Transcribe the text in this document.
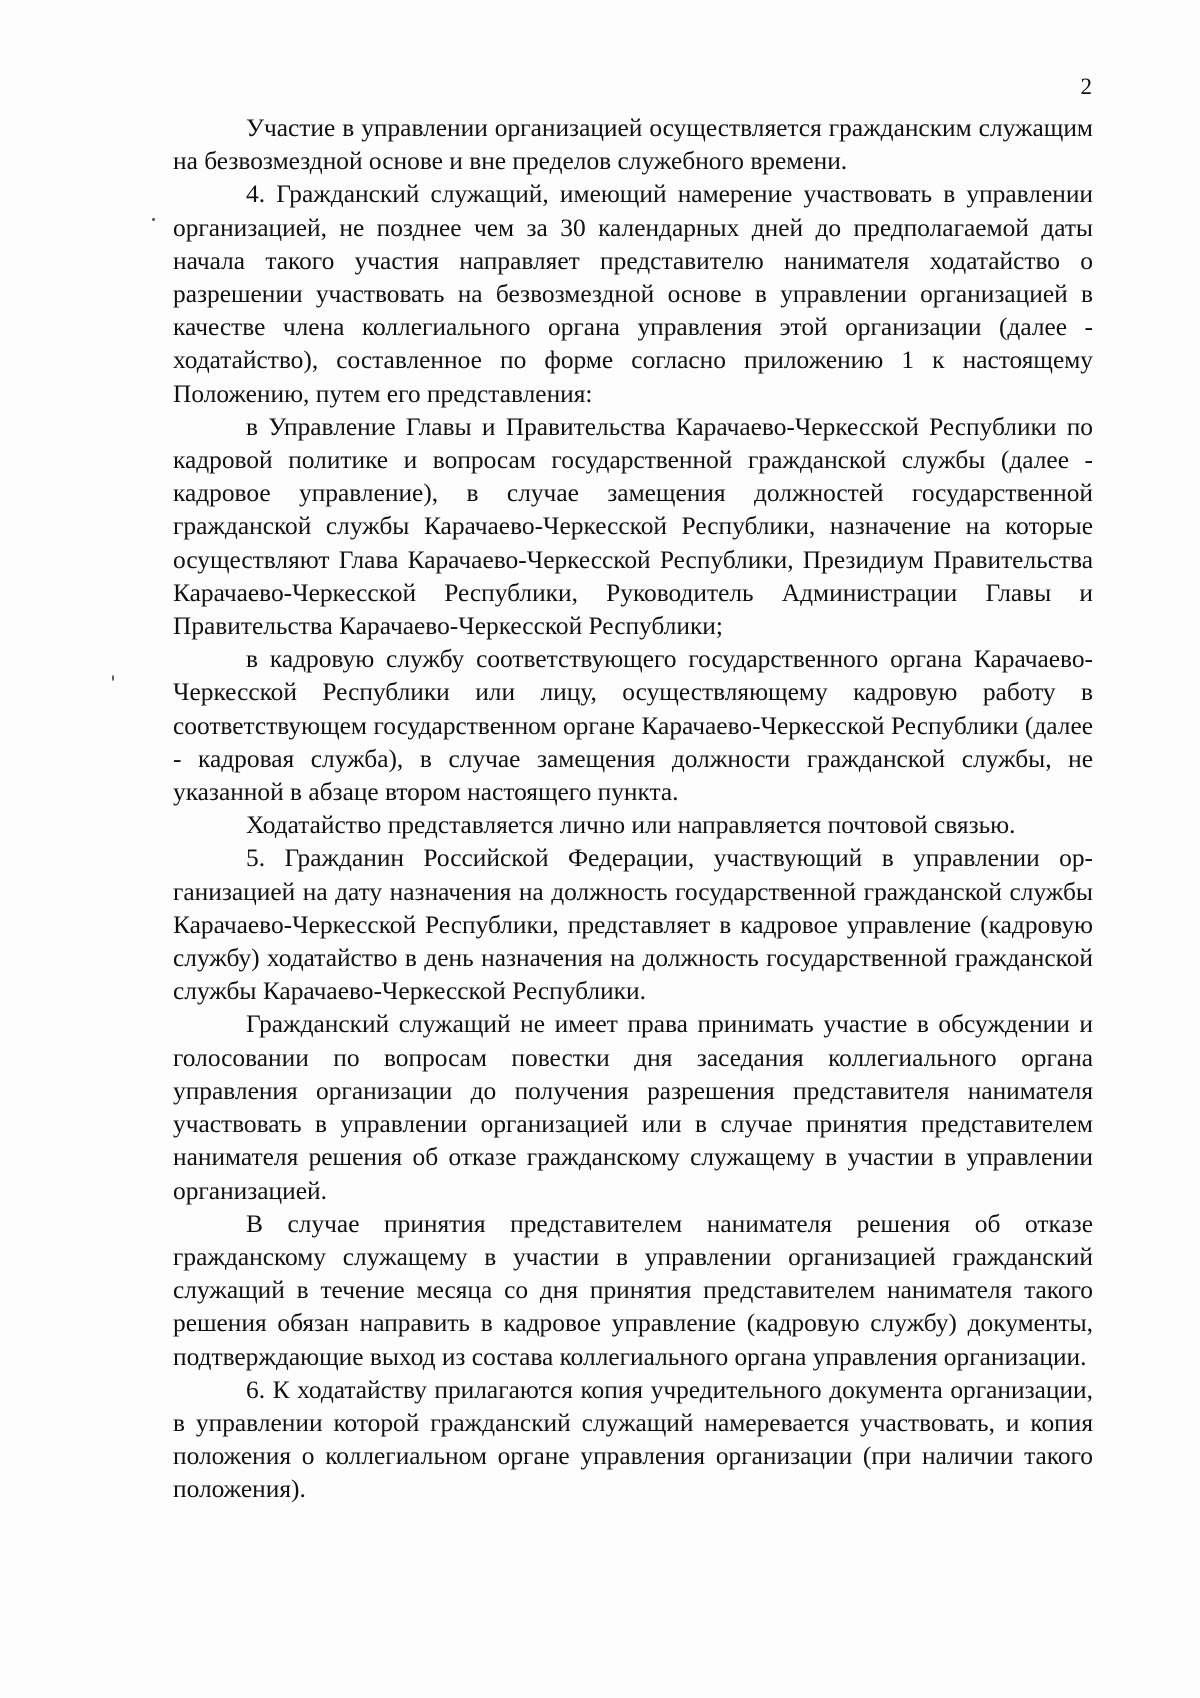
2

Участие в управлении организацией осуществляется гражданским служащим на безвозмездной основе и вне пределов служебного времени.

4. Гражданский служащий, имеющий намерение участвовать в управлении организацией, не позднее чем за 30 календарных дней до предполагаемой даты начала такого участия направляет представителю нанимателя ходатайство о разрешении участвовать на безвозмездной основе в управлении организацией в качестве члена коллегиального органа управления этой организации (далее - ходатайство), составленное по форме согласно приложению 1 к настоящему Положению, путем его представления:

в Управление Главы и Правительства Карачаево-Черкесской Республики по кадровой политике и вопросам государственной гражданской службы (далее - кадровое управление), в случае замещения должностей государственной гражданской службы Карачаево-Черкесской Республики, назначение на которые осуществляют Глава Карачаево-Черкесской Республики, Президиум Правительства Карачаево-Черкесской Республики, Руководитель Администрации Главы и Правительства Карачаево-Черкесской Республики;

в кадровую службу соответствующего государственного органа Карачаево-Черкесской Республики или лицу, осуществляющему кадровую работу в соответствующем государственном органе Карачаево-Черкесской Республики (далее - кадровая служба), в случае замещения должности гражданской службы, не указанной в абзаце втором настоящего пункта.

Ходатайство представляется лично или направляется почтовой связью.

5. Гражданин Российской Федерации, участвующий в управлении организацией на дату назначения на должность государственной гражданской службы Карачаево-Черкесской Республики, представляет в кадровое управление (кадровую службу) ходатайство в день назначения на должность государственной гражданской службы Карачаево-Черкесской Республики.

Гражданский служащий не имеет права принимать участие в обсуждении и голосовании по вопросам повестки дня заседания коллегиального органа управления организации до получения разрешения представителя нанимателя участвовать в управлении организацией или в случае принятия представителем нанимателя решения об отказе гражданскому служащему в участии в управлении организацией.

В случае принятия представителем нанимателя решения об отказе гражданскому служащему в участии в управлении организацией гражданский служащий в течение месяца со дня принятия представителем нанимателя такого решения обязан направить в кадровое управление (кадровую службу) документы, подтверждающие выход из состава коллегиального органа управления организации.

6. К ходатайству прилагаются копия учредительного документа организации, в управлении которой гражданский служащий намеревается участвовать, и копия положения о коллегиальном органе управления организации (при наличии такого положения).
